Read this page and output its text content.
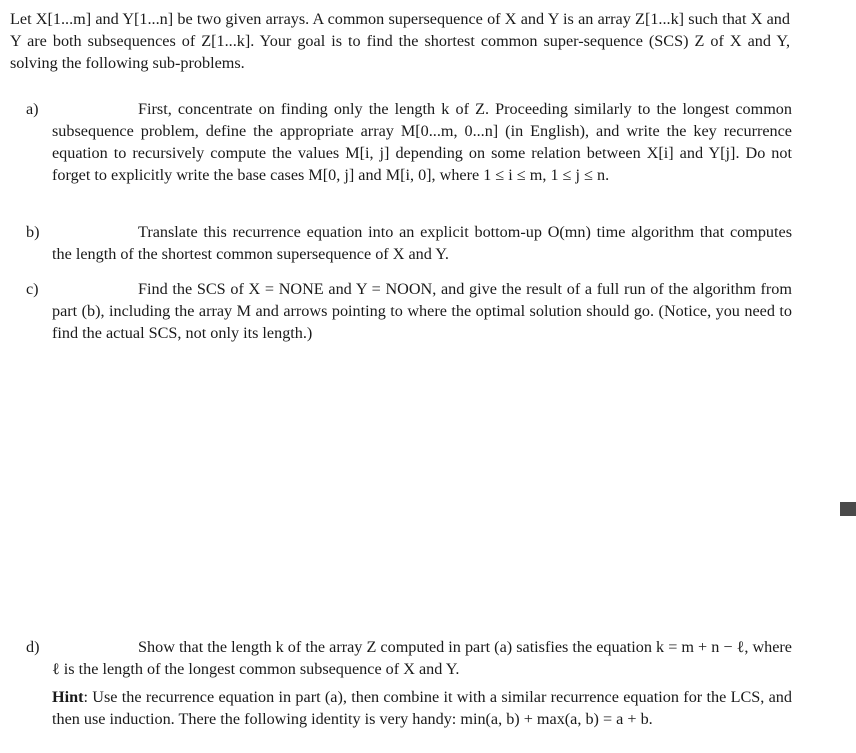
Let X[1...m] and Y[1...n] be two given arrays. A common supersequence of X and Y is an array Z[1...k] such that X and Y are both subsequences of Z[1...k]. Your goal is to find the shortest common super-sequence (SCS) Z of X and Y, solving the following sub-problems.
a)	First, concentrate on finding only the length k of Z. Proceeding similarly to the longest common subsequence problem, define the appropriate array M[0...m, 0...n] (in English), and write the key recurrence equation to recursively compute the values M[i, j] depending on some relation between X[i] and Y[j]. Do not forget to explicitly write the base cases M[0, j] and M[i, 0], where 1 ≤ i ≤ m, 1 ≤ j ≤ n.
b)	Translate this recurrence equation into an explicit bottom-up O(mn) time algorithm that computes the length of the shortest common supersequence of X and Y.
c)	Find the SCS of X = NONE and Y = NOON, and give the result of a full run of the algorithm from part (b), including the array M and arrows pointing to where the optimal solution should go. (Notice, you need to find the actual SCS, not only its length.)
d)	Show that the length k of the array Z computed in part (a) satisfies the equation k = m + n − ℓ, where ℓ is the length of the longest common subsequence of X and Y.
Hint: Use the recurrence equation in part (a), then combine it with a similar recurrence equation for the LCS, and then use induction. There the following identity is very handy: min(a, b) + max(a, b) = a + b.
